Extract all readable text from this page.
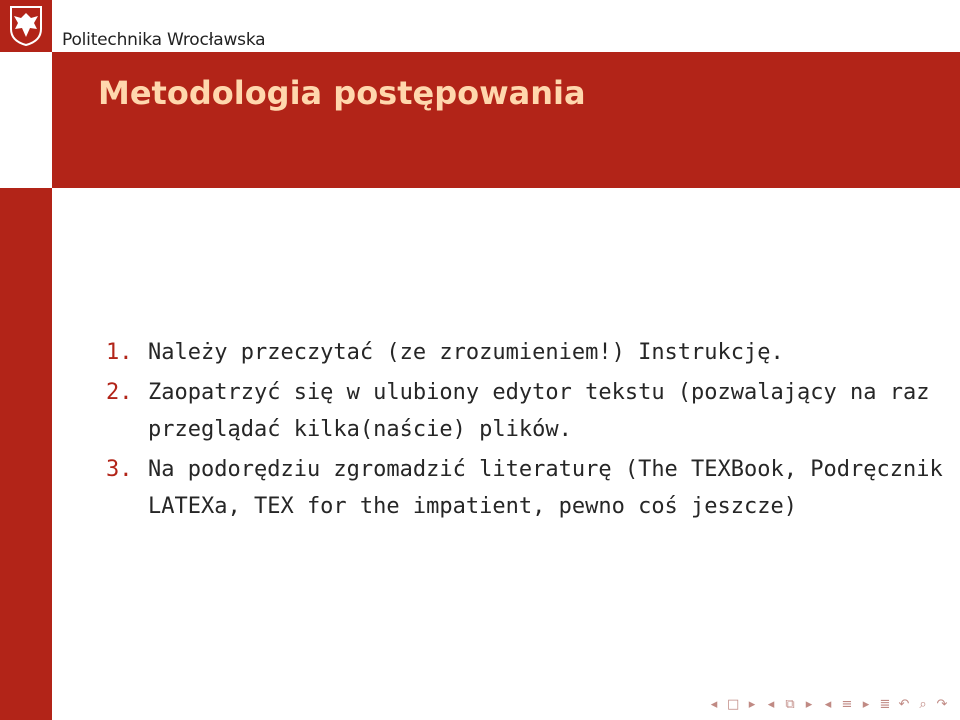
Politechnika Wrocławska
Metodologia postępowania
1. Należy przeczytać (ze zrozumieniem!) Instrukcję.
2. Zaopatrzyć się w ulubiony edytor tekstu (pozwalający na raz przeglądać kilka(naście) plików.
3. Na podorędziu zgromadzić literaturę (The TEXBook, Podręcznik LATEXa, TEX for the impatient, pewno coś jeszcze)
◂ □ ▸ ◂ ⧉ ▸ ◂ ≡ ▸ ≣ ↶ ⌕ ↷
